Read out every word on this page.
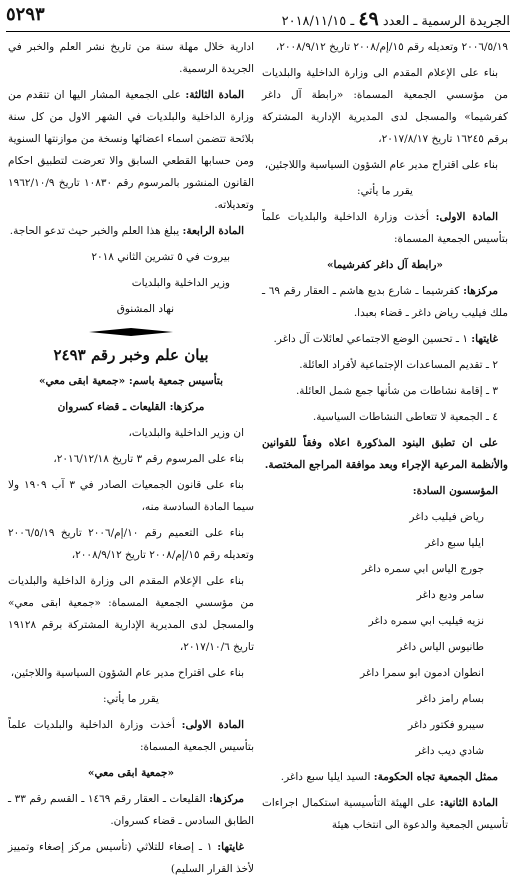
الجريدة الرسمية ـ العدد ٤٩ ـ ٢٠١٨/١١/١٥
٥٢٩٣

٢٠٠٦/٥/١٩ وتعديله رقم ١٥/إم/٢٠٠٨ تاريخ ٢٠٠٨/٩/١٢،

بناء على الإعلام المقدم الى وزارة الداخلية والبلديات من مؤسسي الجمعية المسماة: «رابطة آل داغر كفرشيما» والمسجل لدى المديرية الإدارية المشتركة برقم ١٦٢٤٥ تاريخ ٢٠١٧/٨/١٧،

بناء على اقتراح مدير عام الشؤون السياسية واللاجئين،

يقرر ما يأتي:

المادة الاولى: أخذت وزارة الداخلية والبلديات علماً بتأسيس الجمعية المسماة:

«رابطة آل داغر كفرشيما»

مركزها: كفرشيما ـ شارع بديع هاشم ـ العقار رقم ٦٩ ـ ملك فيليب رياض داغر ـ قضاء بعبدا.

غايتها: ١ ـ تحسين الوضع الاجتماعي لعائلات آل داغر.

٢ ـ تقديم المساعدات الإجتماعية لأفراد العائلة.

٣ ـ إقامة نشاطات من شأنها جمع شمل العائلة.

٤ ـ الجمعية لا تتعاطى النشاطات السياسية.

على ان تطبق البنود المذكورة اعلاه وفقاً للقوانين والأنظمة المرعية الإجراء وبعد موافقة المراجع المختصة.

المؤسسون السادة:

رياض فيليب داغر

ايليا سبع داغر

جورج الياس ابي سمره داغر

سامر وديع داغر

نزيه فيليب ابي سمره داغر

طانيوس الياس داغر

انطوان ادمون ابو سمرا داغر

بسام رامز داغر

سيبرو فكتور داغر

شادي ديب داغر

ممثل الجمعية تجاه الحكومة: السيد ايليا سبع داغر.

المادة الثانية: على الهيئة التأسيسية استكمال اجراءات تأسيس الجمعية والدعوة الى انتخاب هيئة

ادارية خلال مهلة سنة من تاريخ نشر العلم والخبر في الجريدة الرسمية.

المادة الثالثة: على الجمعية المشار اليها ان تتقدم من وزارة الداخلية والبلديات في الشهر الاول من كل سنة بلائحة تتضمن اسماء اعضائها ونسخة من موازنتها السنوية ومن حسابها القطعي السابق والا تعرضت لتطبيق احكام القانون المنشور بالمرسوم رقم ١٠٨٣٠ تاريخ ١٩٦٢/١٠/٩ وتعديلاته.

المادة الرابعة: يبلغ هذا العلم والخبر حيث تدعو الحاجة.

بيروت في ٥ تشرين الثاني ٢٠١٨

وزير الداخلية والبلديات

نهاد المشنوق

بيان علم وخبر رقم ٢٤٩٣

بتأسيس جمعية باسم: «جمعية ابقى معي»

مركزها: القليعات ـ قضاء كسروان

ان وزير الداخلية والبلديات،

بناء على المرسوم رقم ٣ تاريخ ٢٠١٦/١٢/١٨،

بناء على قانون الجمعيات الصادر في ٣ آب ١٩٠٩ ولا سيما المادة السادسة منه،

بناء على التعميم رقم ١٠/إم/٢٠٠٦ تاريخ ٢٠٠٦/٥/١٩ وتعديله رقم ١٥/إم/٢٠٠٨ تاريخ ٢٠٠٨/٩/١٢،

بناء على الإعلام المقدم الى وزارة الداخلية والبلديات من مؤسسي الجمعية المسماة: «جمعية ابقى معي» والمسجل لدى المديرية الإدارية المشتركة برقم ١٩١٢٨ تاريخ ٢٠١٧/١٠/٦،

بناء على اقتراح مدير عام الشؤون السياسية واللاجئين،

يقرر ما يأتي:

المادة الاولى: أخذت وزارة الداخلية والبلديات علماً بتأسيس الجمعية المسماة:

«جمعية ابقى معي»

مركزها: القليعات ـ العقار رقم ١٤٦٩ ـ القسم رقم ٣٣ ـ الطابق السادس ـ قضاء كسروان.

غايتها: ١ ـ إصغاء للتلاثي (تأسيس مركز إصغاء وتمييز لأخذ القرار السليم)
